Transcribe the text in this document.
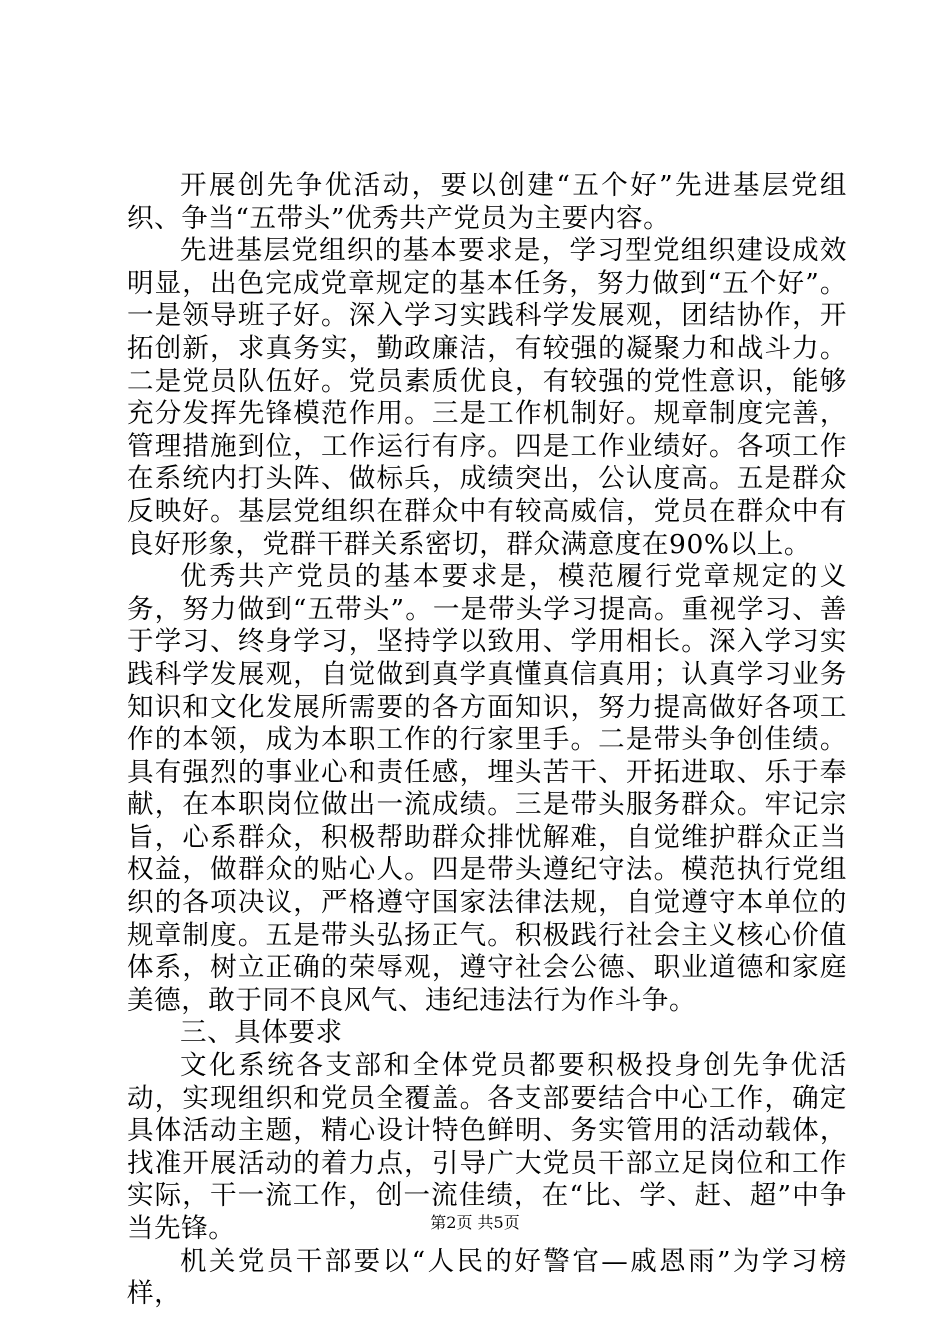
开展创先争优活动，要以创建“五个好”先进基层党组织、争当“五带头”优秀共产党员为主要内容。

先进基层党组织的基本要求是，学习型党组织建设成效明显，出色完成党章规定的基本任务，努力做到“五个好”。一是领导班子好。深入学习实践科学发展观，团结协作，开拓创新，求真务实，勤政廉洁，有较强的凝聚力和战斗力。二是党员队伍好。党员素质优良，有较强的党性意识，能够充分发挥先锋模范作用。三是工作机制好。规章制度完善，管理措施到位，工作运行有序。四是工作业绩好。各项工作在系统内打头阵、做标兵，成绩突出，公认度高。五是群众反映好。基层党组织在群众中有较高威信，党员在群众中有良好形象，党群干群关系密切，群众满意度在90%以上。

优秀共产党员的基本要求是，模范履行党章规定的义务，努力做到“五带头”。一是带头学习提高。重视学习、善于学习、终身学习，坚持学以致用、学用相长。深入学习实践科学发展观，自觉做到真学真懂真信真用；认真学习业务知识和文化发展所需要的各方面知识，努力提高做好各项工作的本领，成为本职工作的行家里手。二是带头争创佳绩。具有强烈的事业心和责任感，埋头苦干、开拓进取、乐于奉献，在本职岗位做出一流成绩。三是带头服务群众。牢记宗旨，心系群众，积极帮助群众排忧解难，自觉维护群众正当权益，做群众的贴心人。四是带头遵纪守法。模范执行党组织的各项决议，严格遵守国家法律法规，自觉遵守本单位的规章制度。五是带头弘扬正气。积极践行社会主义核心价值体系，树立正确的荣辱观，遵守社会公德、职业道德和家庭美德，敢于同不良风气、违纪违法行为作斗争。

三、具体要求

文化系统各支部和全体党员都要积极投身创先争优活动，实现组织和党员全覆盖。各支部要结合中心工作，确定具体活动主题，精心设计特色鲜明、务实管用的活动载体，找准开展活动的着力点，引导广大党员干部立足岗位和工作实际，干一流工作，创一流佳绩，在“比、学、赶、超”中争当先锋。

机关党员干部要以“人民的好警官—戚恩雨”为学习榜样，

第2页 共5页
